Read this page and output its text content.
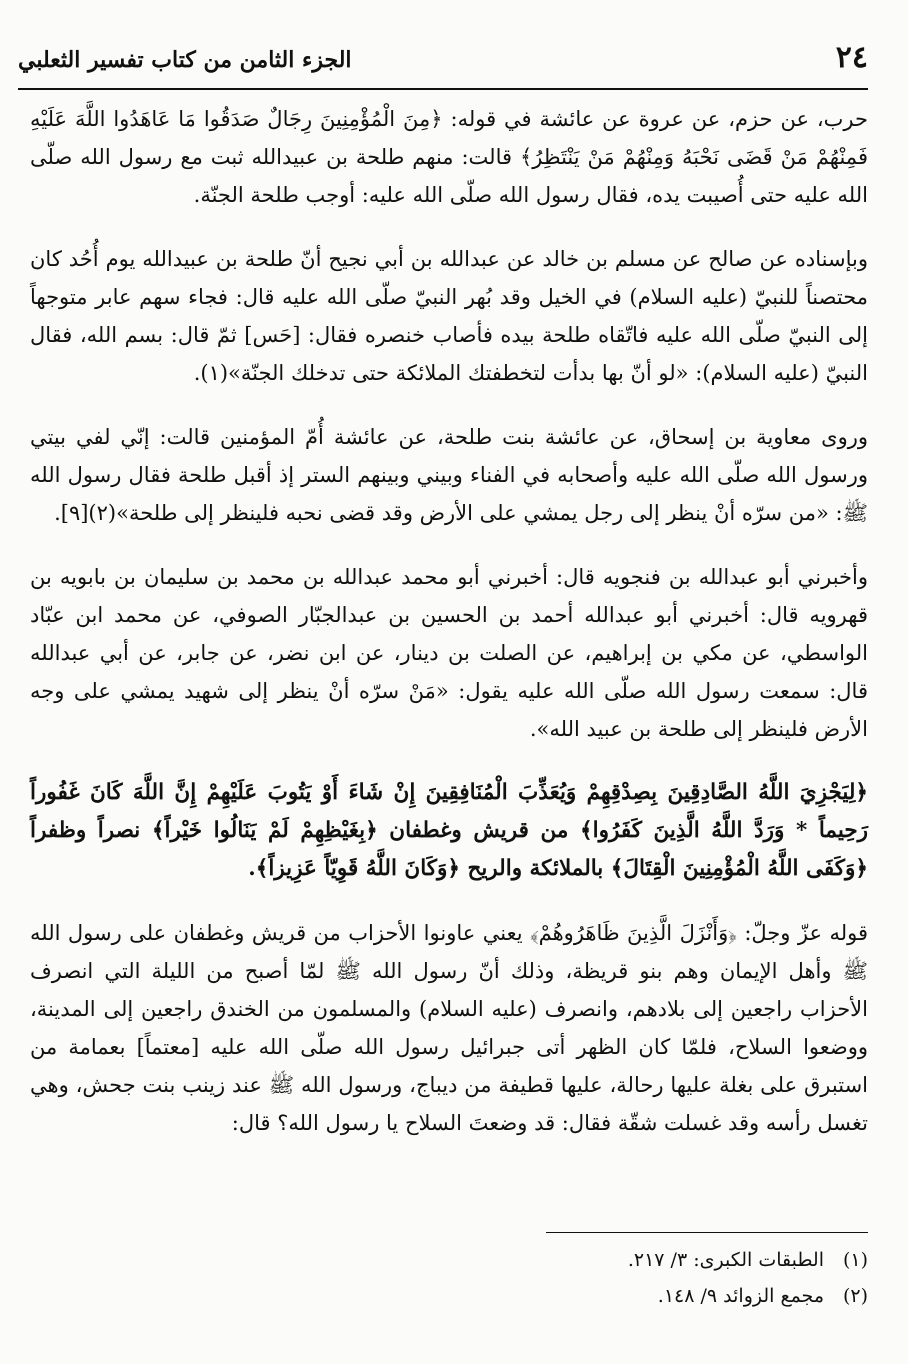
٢٤
الجزء الثامن من كتاب تفسير الثعلبي

حرب، عن حزم، عن عروة عن عائشة في قوله: ﴿مِنَ الْمُؤْمِنِينَ رِجَالٌ صَدَقُوا مَا عَاهَدُوا اللَّهَ عَلَيْهِ فَمِنْهُمْ مَنْ قَضَى نَحْبَهُ وَمِنْهُمْ مَنْ يَنْتَظِرُ﴾ قالت: منهم طلحة بن عبيدالله ثبت مع رسول الله صلّى الله عليه حتى أُصيبت يده، فقال رسول الله صلّى الله عليه: أوجب طلحة الجنّة.

وبإسناده عن صالح عن مسلم بن خالد عن عبدالله بن أبي نجيح أنّ طلحة بن عبيدالله يوم أُحُد كان محتصناً للنبيّ (عليه السلام) في الخيل وقد بُهر النبيّ صلّى الله عليه قال: فجاء سهم عابر متوجهاً إلى النبيّ صلّى الله عليه فاتّقاه طلحة بيده فأصاب خنصره فقال: [حَس] ثمّ قال: بسم الله، فقال النبيّ (عليه السلام): «لو أنّ بها بدأت لتخطفتك الملائكة حتى تدخلك الجنّة»(١).

وروى معاوية بن إسحاق، عن عائشة بنت طلحة، عن عائشة أُمّ المؤمنين قالت: إنّي لفي بيتي ورسول الله صلّى الله عليه وأصحابه في الفناء وبيني وبينهم الستر إذ أقبل طلحة فقال رسول الله ﷺ: «من سرّه أنْ ينظر إلى رجل يمشي على الأرض وقد قضى نحبه فلينظر إلى طلحة»(٢)[٩].

وأخبرني أبو عبدالله بن فنجويه قال: أخبرني أبو محمد عبدالله بن محمد بن سليمان بن بابويه بن قهرويه قال: أخبرني أبو عبدالله أحمد بن الحسين بن عبدالجبّار الصوفي، عن محمد ابن عبّاد الواسطي، عن مكي بن إبراهيم، عن الصلت بن دينار، عن ابن نضر، عن جابر، عن أبي عبدالله قال: سمعت رسول الله صلّى الله عليه يقول: «مَنْ سرّه أنْ ينظر إلى شهيد يمشي على وجه الأرض فلينظر إلى طلحة بن عبيد الله».

﴿لِيَجْزِيَ اللَّهُ الصَّادِقِينَ بِصِدْقِهِمْ وَيُعَذِّبَ الْمُنَافِقِينَ إِنْ شَاءَ أَوْ يَتُوبَ عَلَيْهِمْ إِنَّ اللَّهَ كَانَ غَفُوراً رَحِيماً * وَرَدَّ اللَّهُ الَّذِينَ كَفَرُوا﴾ من قريش وغطفان ﴿بِغَيْظِهِمْ لَمْ يَنَالُوا خَيْراً﴾ نصراً وظفراً ﴿وَكَفَى اللَّهُ الْمُؤْمِنِينَ الْقِتَالَ﴾ بالملائكة والريح ﴿وَكَانَ اللَّهُ قَوِيّاً عَزِيزاً﴾.

قوله عزّ وجلّ: ﴿وَأَنْزَلَ الَّذِينَ ظَاهَرُوهُمْ﴾ يعني عاونوا الأحزاب من قريش وغطفان على رسول الله ﷺ وأهل الإيمان وهم بنو قريظة، وذلك أنّ رسول الله ﷺ لمّا أصبح من الليلة التي انصرف الأحزاب راجعين إلى بلادهم، وانصرف (عليه السلام) والمسلمون من الخندق راجعين إلى المدينة، ووضعوا السلاح، فلمّا كان الظهر أتى جبرائيل رسول الله صلّى الله عليه [معتماً] بعمامة من استبرق على بغلة عليها رحالة، عليها قطيفة من ديباج، ورسول الله ﷺ عند زينب بنت جحش، وهي تغسل رأسه وقد غسلت شقّة فقال: قد وضعتَ السلاح يا رسول الله؟ قال:

(١)
الطبقات الكبرى: ٣/ ٢١٧.
(٢)
مجمع الزوائد ٩/ ١٤٨.
